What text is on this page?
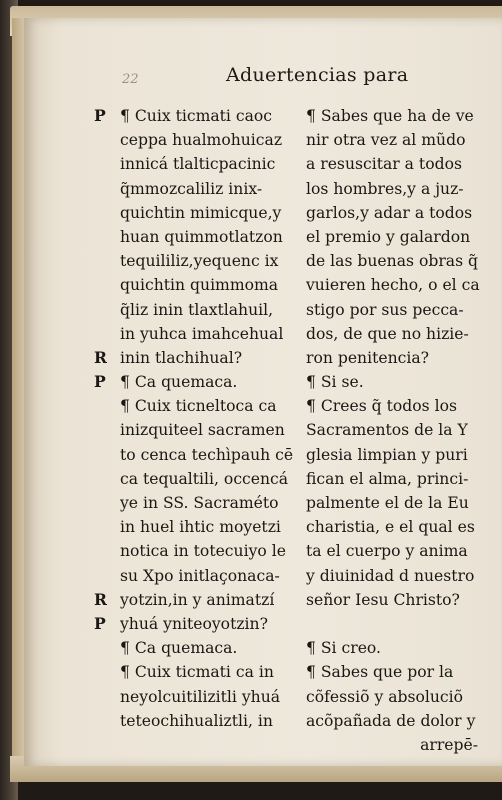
22	Aduertencias para
P
R
P
R
P
¶ Cuix ticmati caoc
ceppa hualmohuicaz
innicá tlalticpacinic
q̃mmozcaliliz inix-
quichtin mimicque,y
huan quimmotlatzon
tequililiz,yequenc ix
quichtin quimmoma
q̃liz inin tlaxtlahuil,
in yuhca imahcehual
inin tlachihual?
¶ Ca quemaca.
¶ Cuix ticneltoca ca
inizquiteel sacramen
to cenca techìpauh cē
ca tequaltili, occencá
ye in SS. Sacraméto
in huel ihtic moyetzi
notica in totecuiyo le
su Xpo initlaçonaca-
yotzin,in y animatzí
yhuá yniteoyotzin?
¶ Ca quemaca.
¶ Cuix ticmati ca in
neyolcuitilizitli yhuá
teteochihualiztli, in
¶ Sabes que ha de ve
nir otra vez al mũdo
a resuscitar a todos
los hombres,y a juz-
garlos,y adar a todos
el premio y galardon
de las buenas obras q̃
vuieren hecho, o el ca
stigo por sus pecca-
dos, de que no hizie-
ron penitencia?
¶ Si se.
¶ Crees q̃ todos los
Sacramentos de la Y
glesia limpian y puri
fican el alma, princi-
palmente el de la Eu
charistia, e el qual es
ta el cuerpo y anima
y diuinidad d nuestro
señor Iesu Christo?
¶ Si creo.
¶ Sabes que por la
cõfessiõ y absoluciõ
acõpañada de dolor y
arrepē-
